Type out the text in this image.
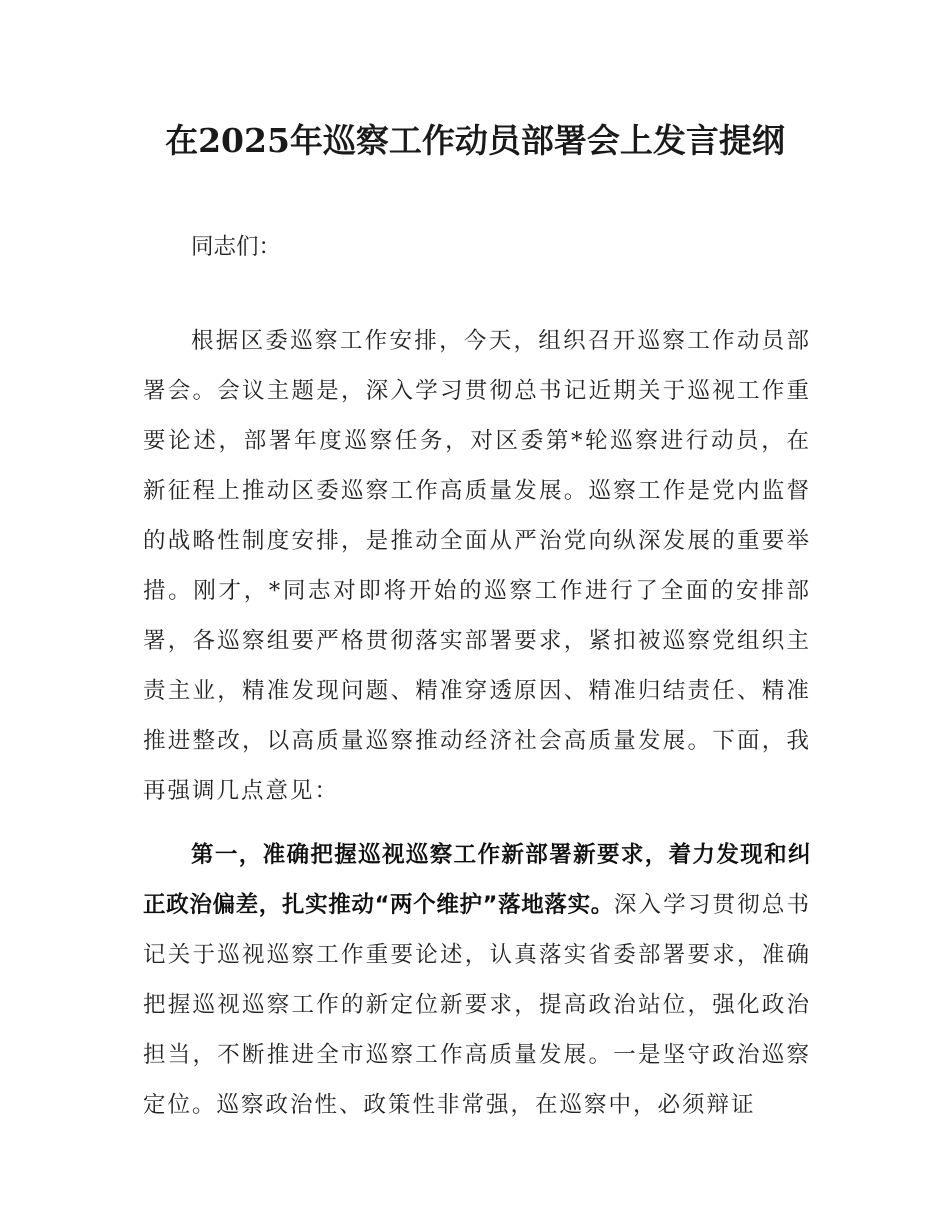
在2025年巡察工作动员部署会上发言提纲

同志们：

根据区委巡察工作安排，今天，组织召开巡察工作动员部署会。会议主题是，深入学习贯彻总书记近期关于巡视工作重要论述，部署年度巡察任务，对区委第*轮巡察进行动员，在新征程上推动区委巡察工作高质量发展。巡察工作是党内监督的战略性制度安排，是推动全面从严治党向纵深发展的重要举措。刚才，*同志对即将开始的巡察工作进行了全面的安排部署，各巡察组要严格贯彻落实部署要求，紧扣被巡察党组织主责主业，精准发现问题、精准穿透原因、精准归结责任、精准推进整改，以高质量巡察推动经济社会高质量发展。下面，我再强调几点意见：

第一，准确把握巡视巡察工作新部署新要求，着力发现和纠正政治偏差，扎实推动“两个维护”落地落实。深入学习贯彻总书记关于巡视巡察工作重要论述，认真落实省委部署要求，准确把握巡视巡察工作的新定位新要求，提高政治站位，强化政治担当，不断推进全市巡察工作高质量发展。一是坚守政治巡察定位。巡察政治性、政策性非常强，在巡察中，必须辩证
